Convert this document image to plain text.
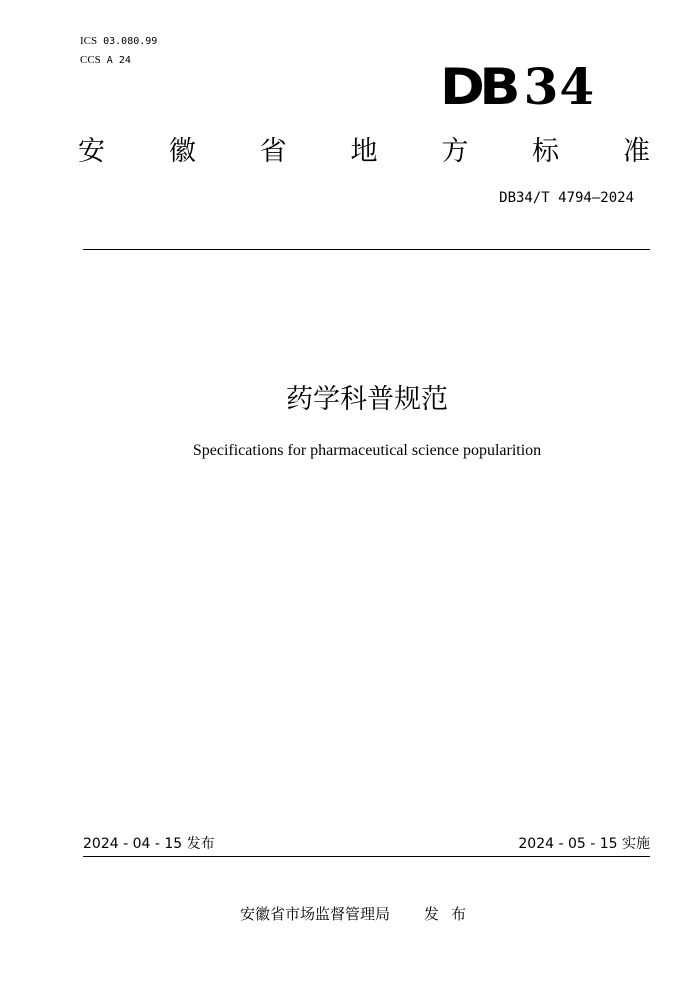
ICS 03.080.99
CCS A 24	DB 34
安 徽 省 地 方 标 准
DB34/T 4794—2024
药学科普规范
Specifications for pharmaceutical science popularition
2024 - 04 - 15 发布	2024 - 05 - 15 实施
安徽省市场监督管理局 发布
